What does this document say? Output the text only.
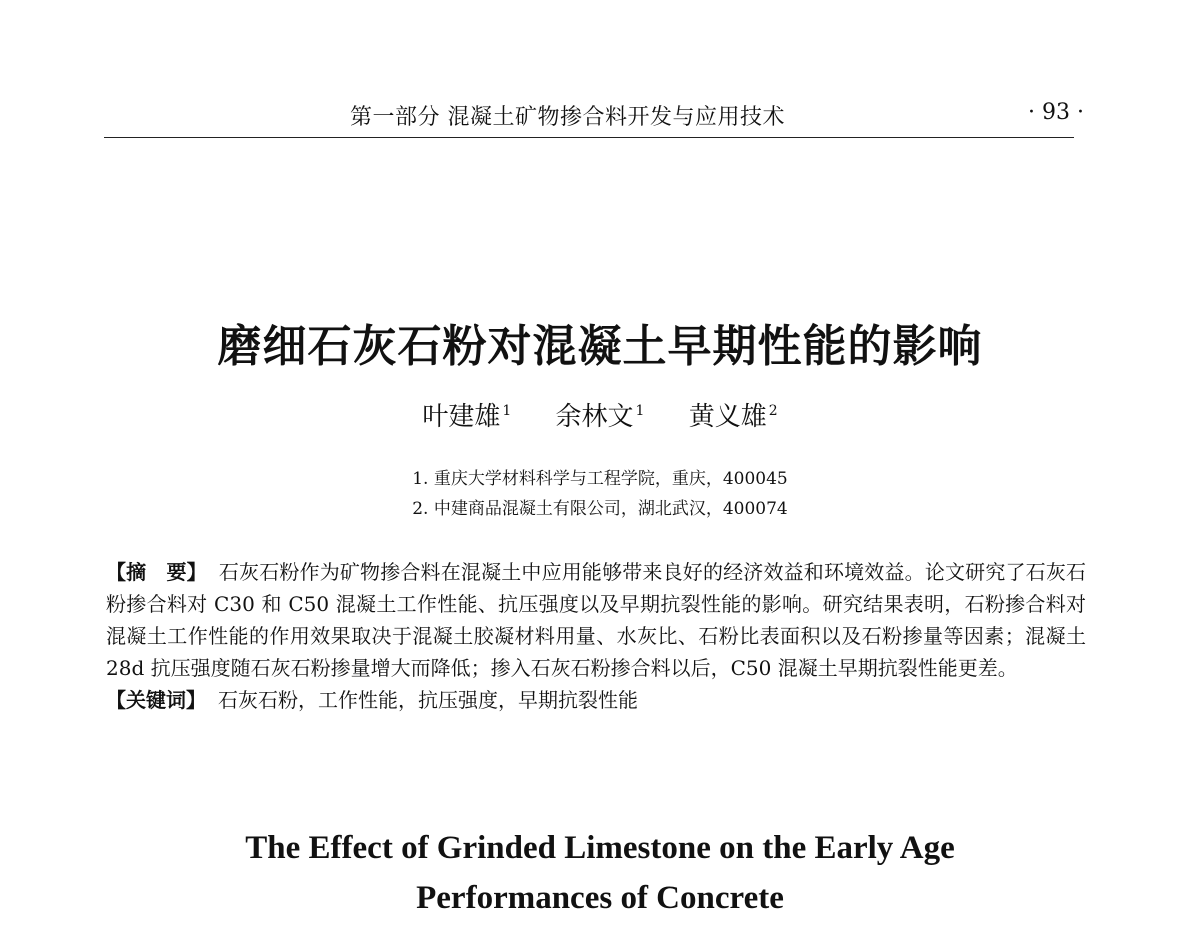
第一部分 混凝土矿物掺合料开发与应用技术	· 93 ·
磨细石灰石粉对混凝土早期性能的影响
叶建雄 $^1$ 余林文 $^1$ 黄义雄 $^2$
1. 重庆大学材料科学与工程学院，重庆，400045
2. 中建商品混凝土有限公司，湖北武汉，400074

【摘　要】 石灰石粉作为矿物掺合料在混凝土中应用能够带来良好的经济效益和环境效益。论文研究了石灰石粉掺合料对 C30 和 C50 混凝土工作性能、抗压强度以及早期抗裂性能的影响。研究结果表明，石粉掺合料对混凝土工作性能的作用效果取决于混凝土胶凝材料用量、水灰比、石粉比表面积以及石粉掺量等因素；混凝土 28d 抗压强度随石灰石粉掺量增大而降低；掺入石灰石粉掺合料以后，C50 混凝土早期抗裂性能更差。

【关键词】 石灰石粉，工作性能，抗压强度，早期抗裂性能

The Effect of Grinded Limestone on the Early Age
Performances of Concrete
